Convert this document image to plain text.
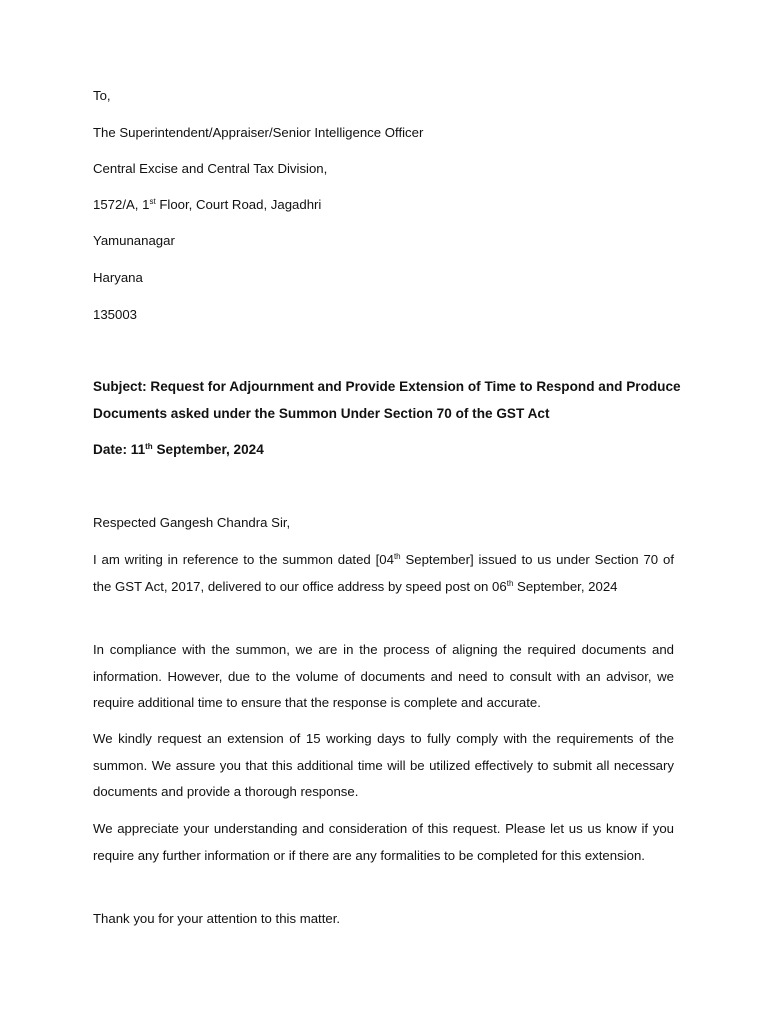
To,
The Superintendent/Appraiser/Senior Intelligence Officer
Central Excise and Central Tax Division,
1572/A, 1st Floor, Court Road, Jagadhri
Yamunanagar
Haryana
135003
Subject: Request for Adjournment and Provide Extension of Time to Respond and Produce
Documents asked under the Summon Under Section 70 of the GST Act
Date: 11th September, 2024
Respected Gangesh Chandra Sir,
I am writing in reference to the summon dated [04th September] issued to us under Section 70 of the GST Act, 2017, delivered to our office address by speed post on 06th September, 2024
In compliance with the summon, we are in the process of aligning the required documents and information. However, due to the volume of documents and need to consult with an advisor, we require additional time to ensure that the response is complete and accurate.
We kindly request an extension of 15 working days to fully comply with the requirements of the summon. We assure you that this additional time will be utilized effectively to submit all necessary documents and provide a thorough response.
We appreciate your understanding and consideration of this request. Please let us us know if you require any further information or if there are any formalities to be completed for this extension.
Thank you for your attention to this matter.
